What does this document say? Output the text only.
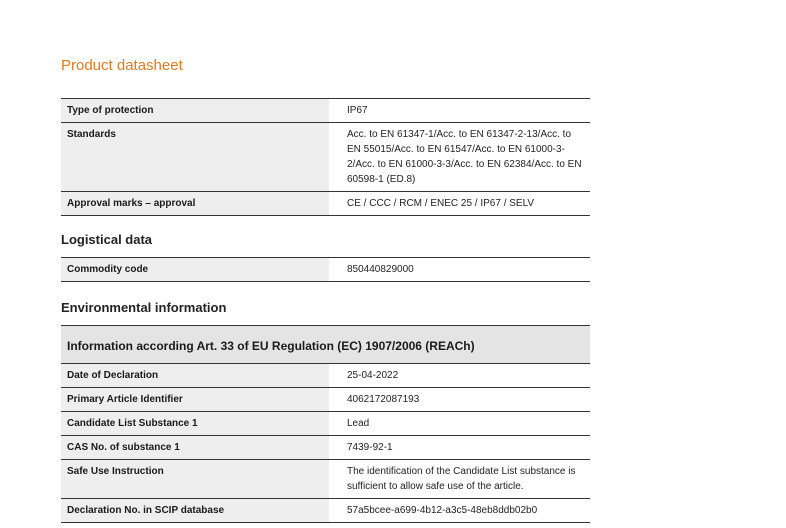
Product datasheet
Type of protection	IP67
Standards	Acc. to EN 61347-1/Acc. to EN 61347-2-13/Acc. to EN 55015/Acc. to EN 61547/Acc. to EN 61000-3-2/Acc. to EN 61000-3-3/Acc. to EN 62384/Acc. to EN 60598-1 (ED.8)
Approval marks – approval	CE / CCC / RCM / ENEC 25 / IP67 / SELV
Logistical data
Commodity code	850440829000
Environmental information
Information according Art. 33 of EU Regulation (EC) 1907/2006 (REACh)	
Date of Declaration	25-04-2022
Primary Article Identifier	4062172087193
Candidate List Substance 1	Lead
CAS No. of substance 1	7439-92-1
Safe Use Instruction	The identification of the Candidate List substance is sufficient to allow safe use of the article.
Declaration No. in SCIP database	57a5bcee-a699-4b12-a3c5-48eb8ddb02b0
